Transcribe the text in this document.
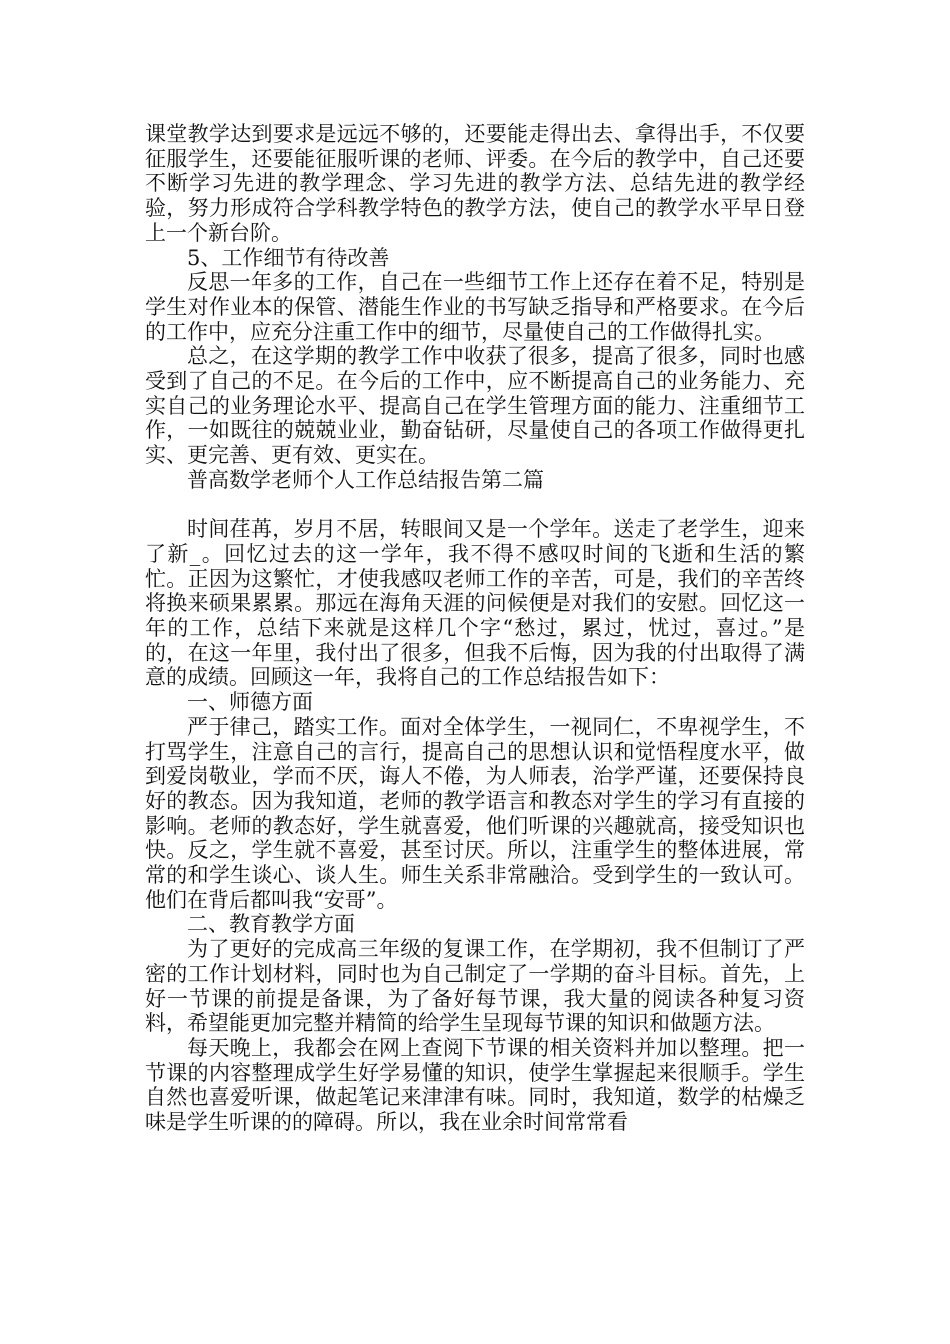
课堂教学达到要求是远远不够的，还要能走得出去、拿得出手，不仅要征服学生，还要能征服听课的老师、评委。在今后的教学中，自己还要不断学习先进的教学理念、学习先进的教学方法、总结先进的教学经验，努力形成符合学科教学特色的教学方法，使自己的教学水平早日登上一个新台阶。

5、工作细节有待改善

反思一年多的工作，自己在一些细节工作上还存在着不足，特别是学生对作业本的保管、潜能生作业的书写缺乏指导和严格要求。在今后的工作中，应充分注重工作中的细节，尽量使自己的工作做得扎实。

总之，在这学期的教学工作中收获了很多，提高了很多，同时也感受到了自己的不足。在今后的工作中，应不断提高自己的业务能力、充实自己的业务理论水平、提高自己在学生管理方面的能力、注重细节工作，一如既往的兢兢业业，勤奋钻研，尽量使自己的各项工作做得更扎实、更完善、更有效、更实在。

普高数学老师个人工作总结报告第二篇

时间荏苒，岁月不居，转眼间又是一个学年。送走了老学生，迎来了新_。回忆过去的这一学年，我不得不感叹时间的飞逝和生活的繁忙。正因为这繁忙，才使我感叹老师工作的辛苦，可是，我们的辛苦终将换来硕果累累。那远在海角天涯的问候便是对我们的安慰。回忆这一年的工作，总结下来就是这样几个字“愁过，累过，忧过，喜过。”是的，在这一年里，我付出了很多，但我不后悔，因为我的付出取得了满意的成绩。回顾这一年，我将自己的工作总结报告如下：

一、师德方面

严于律己，踏实工作。面对全体学生，一视同仁，不卑视学生，不打骂学生，注意自己的言行，提高自己的思想认识和觉悟程度水平，做到爱岗敬业，学而不厌，诲人不倦，为人师表，治学严谨，还要保持良好的教态。因为我知道，老师的教学语言和教态对学生的学习有直接的影响。老师的教态好，学生就喜爱，他们听课的兴趣就高，接受知识也快。反之，学生就不喜爱，甚至讨厌。所以，注重学生的整体进展，常常的和学生谈心、谈人生。师生关系非常融洽。受到学生的一致认可。他们在背后都叫我“安哥”。

二、教育教学方面

为了更好的完成高三年级的复课工作，在学期初，我不但制订了严密的工作计划材料，同时也为自己制定了一学期的奋斗目标。首先，上好一节课的前提是备课，为了备好每节课，我大量的阅读各种复习资料，希望能更加完整并精简的给学生呈现每节课的知识和做题方法。

每天晚上，我都会在网上查阅下节课的相关资料并加以整理。把一节课的内容整理成学生好学易懂的知识，使学生掌握起来很顺手。学生自然也喜爱听课，做起笔记来津津有味。同时，我知道，数学的枯燥乏味是学生听课的的障碍。所以，我在业余时间常常看
